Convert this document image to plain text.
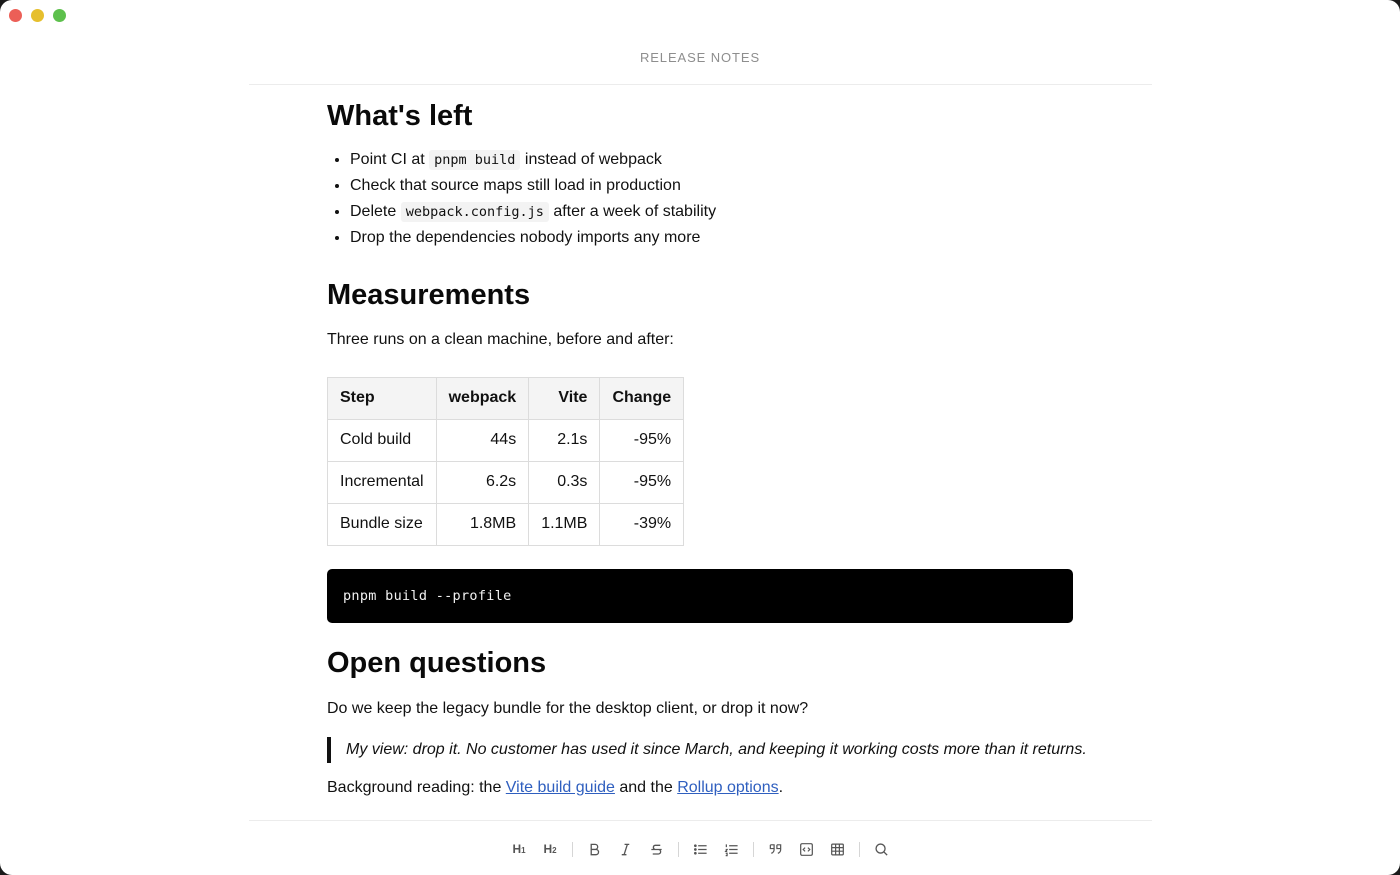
RELEASE NOTES
What's left
• Point CI at pnpm build instead of webpack
• Check that source maps still load in production
• Delete webpack.config.js after a week of stability
• Drop the dependencies nobody imports any more
Measurements

Three runs on a clean machine, before and after:

Step	webpack	Vite	Change
Cold build	44s	2.1s	-95%
Incremental	6.2s	0.3s	-95%
Bundle size	1.8MB	1.1MB	-39%
pnpm build --profile
Open questions

Do we keep the legacy bundle for the desktop client, or drop it now?

My view: drop it. No customer has used it since March, and keeping it working costs more than it returns.

Background reading: the Vite build guide and the Rollup options.

H1 H2
